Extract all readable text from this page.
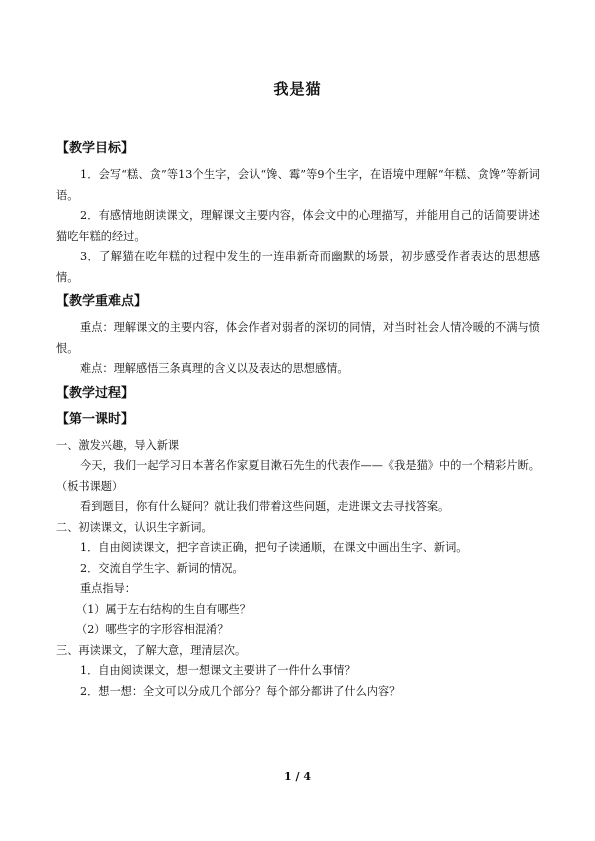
我是猫
【教学目标】

1．会写“糕、贪”等13个生字，会认“馋、霉”等9个生字，在语境中理解“年糕、贪馋”等新词语。

2．有感情地朗读课文，理解课文主要内容，体会文中的心理描写，并能用自己的话简要讲述猫吃年糕的经过。

3．了解猫在吃年糕的过程中发生的一连串新奇而幽默的场景，初步感受作者表达的思想感情。

【教学重难点】

重点：理解课文的主要内容，体会作者对弱者的深切的同情，对当时社会人情冷暖的不满与愤恨。

难点：理解感悟三条真理的含义以及表达的思想感情。

【教学过程】
【第一课时】

一、激发兴趣，导入新课

今天，我们一起学习日本著名作家夏目漱石先生的代表作——《我是猫》中的一个精彩片断。（板书课题）

看到题目，你有什么疑问？就让我们带着这些问题，走进课文去寻找答案。

二、初读课文，认识生字新词。

1．自由阅读课文，把字音读正确，把句子读通顺，在课文中画出生字、新词。

2．交流自学生字、新词的情况。

重点指导：

（1）属于左右结构的生自有哪些？

（2）哪些字的字形容相混淆？

三、再读课文，了解大意，理清层次。

1．自由阅读课文，想一想课文主要讲了一件什么事情？

2．想一想：全文可以分成几个部分？每个部分都讲了什么内容？

1 / 4
